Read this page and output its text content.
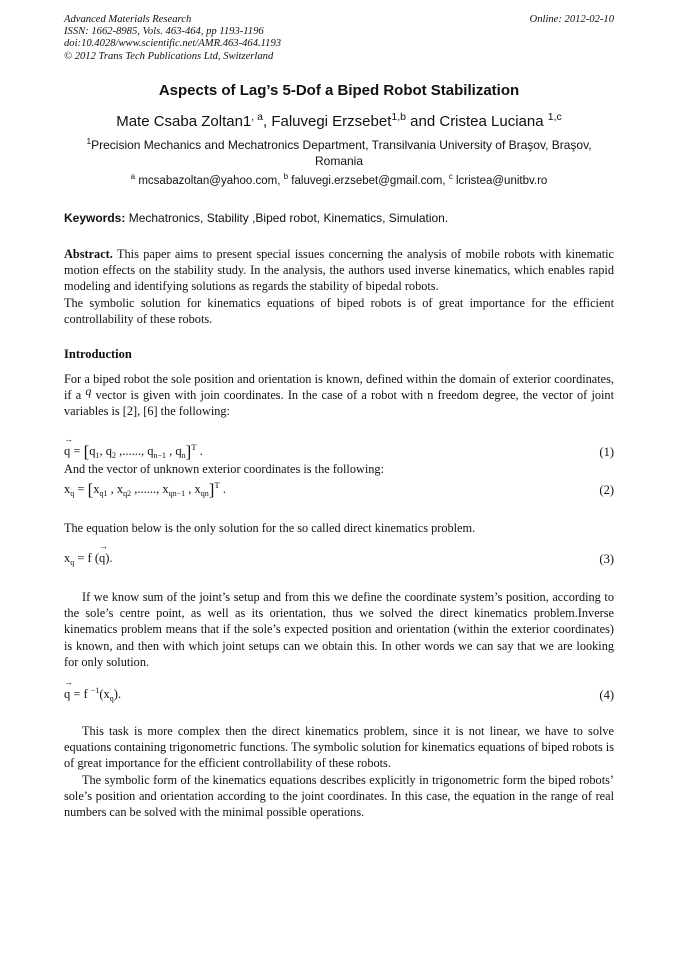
Advanced Materials Research
ISSN: 1662-8985, Vols. 463-464, pp 1193-1196
doi:10.4028/www.scientific.net/AMR.463-464.1193
© 2012 Trans Tech Publications Ltd, Switzerland
Online: 2012-02-10
Aspects of Lag’s 5-Dof a Biped Robot Stabilization
Mate Csaba $Zoltan1^{, a}$, Faluvegi Erzsebet$^{1,b}$ and Cristea Luciana $^{1,c}$
$^1$Precision Mechanics and Mechatronics Department, Transilvania University of Braşov, Braşov, Romania
$^a$ mcsabazoltan@yahoo.com, $^b$ faluvegi.erzsebet@gmail.com, $^c$ lcristea@unitbv.ro
Keywords: Mechatronics, Stability ,Biped robot, Kinematics, Simulation.
Abstract. This paper aims to present special issues concerning the analysis of mobile robots with kinematic motion effects on the stability study. In the analysis, the authors used inverse kinematics, which enables rapid modeling and identifying solutions as regards the stability of bipedal robots.
The symbolic solution for kinematics equations of biped robots is of great importance for the efficient controllability of these robots.
Introduction
For a biped robot the sole position and orientation is known, defined within the domain of exterior coordinates, if a q vector is given with join coordinates. In the case of a robot with n freedom degree, the vector of joint variables is [2], [6] the following:
→ $q = [q_1$, $q_2$ ,......, $q_{n-1}$ , $q_n]^T$ .	(1)
And the vector of unknown exterior coordinates is the following:
$x_q = [x_{q1}$ , $x_{q2}$ ,......, $x_{qn-1}$ , $x_{qn}]^T$ .	(2)
The equation below is the only solution for the so called direct kinematics problem.
$x_q = f$ (→ q).	(3)
If we know sum of the joint’s setup and from this we define the coordinate system’s position, according to the sole’s centre point, as well as its orientation, thus we solved the direct kinematics problem.Inverse kinematics problem means that if the sole’s expected position and orientation (within the exterior coordinates) is known, and then with which joint setups can we obtain this. In other words we can say that we are looking for only solution.
→ q = f $^{-1}(x_q)$.	(4)
This task is more complex then the direct kinematics problem, since it is not linear, we have to solve equations containing trigonometric functions. The symbolic solution for kinematics equations of biped robots is of great importance for the efficient controllability of these robots.
The symbolic form of the kinematics equations describes explicitly in trigonometric form the biped robots’ sole’s position and orientation according to the joint coordinates. In this case, the equation in the range of real numbers can be solved with the minimal possible operations.
